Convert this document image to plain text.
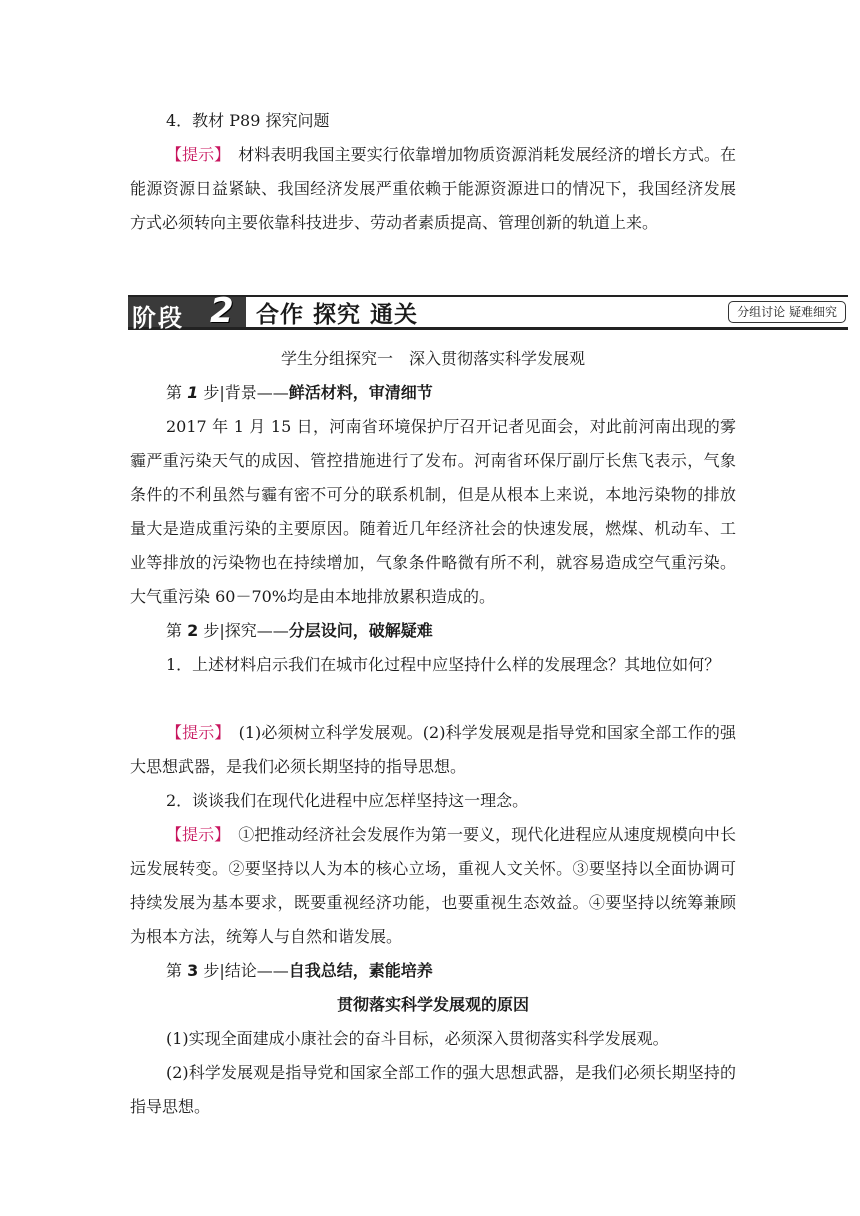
4．教材 P89 探究问题

【提示】 材料表明我国主要实行依靠增加物质资源消耗发展经济的增长方式。在能源资源日益紧缺、我国经济发展严重依赖于能源资源进口的情况下，我国经济发展方式必须转向主要依靠科技进步、劳动者素质提高、管理创新的轨道上来。

阶段 2 合作 探究 通关	分组讨论 疑难细究

学生分组探究一　深入贯彻落实科学发展观

第 1 步|背景——鲜活材料，审清细节

2017 年 1 月 15 日，河南省环境保护厅召开记者见面会，对此前河南出现的雾霾严重污染天气的成因、管控措施进行了发布。河南省环保厅副厅长焦飞表示，气象条件的不利虽然与霾有密不可分的联系机制，但是从根本上来说，本地污染物的排放量大是造成重污染的主要原因。随着近几年经济社会的快速发展，燃煤、机动车、工业等排放的污染物也在持续增加，气象条件略微有所不利，就容易造成空气重污染。大气重污染 60－70%均是由本地排放累积造成的。

第 2 步|探究——分层设问，破解疑难

1．上述材料启示我们在城市化过程中应坚持什么样的发展理念？其地位如何？

【提示】 (1)必须树立科学发展观。(2)科学发展观是指导党和国家全部工作的强大思想武器，是我们必须长期坚持的指导思想。

2．谈谈我们在现代化进程中应怎样坚持这一理念。

【提示】 ①把推动经济社会发展作为第一要义，现代化进程应从速度规模向中长远发展转变。②要坚持以人为本的核心立场，重视人文关怀。③要坚持以全面协调可持续发展为基本要求，既要重视经济功能，也要重视生态效益。④要坚持以统筹兼顾为根本方法，统筹人与自然和谐发展。

第 3 步|结论——自我总结，素能培养

贯彻落实科学发展观的原因

(1)实现全面建成小康社会的奋斗目标，必须深入贯彻落实科学发展观。

(2)科学发展观是指导党和国家全部工作的强大思想武器，是我们必须长期坚持的指导思想。
